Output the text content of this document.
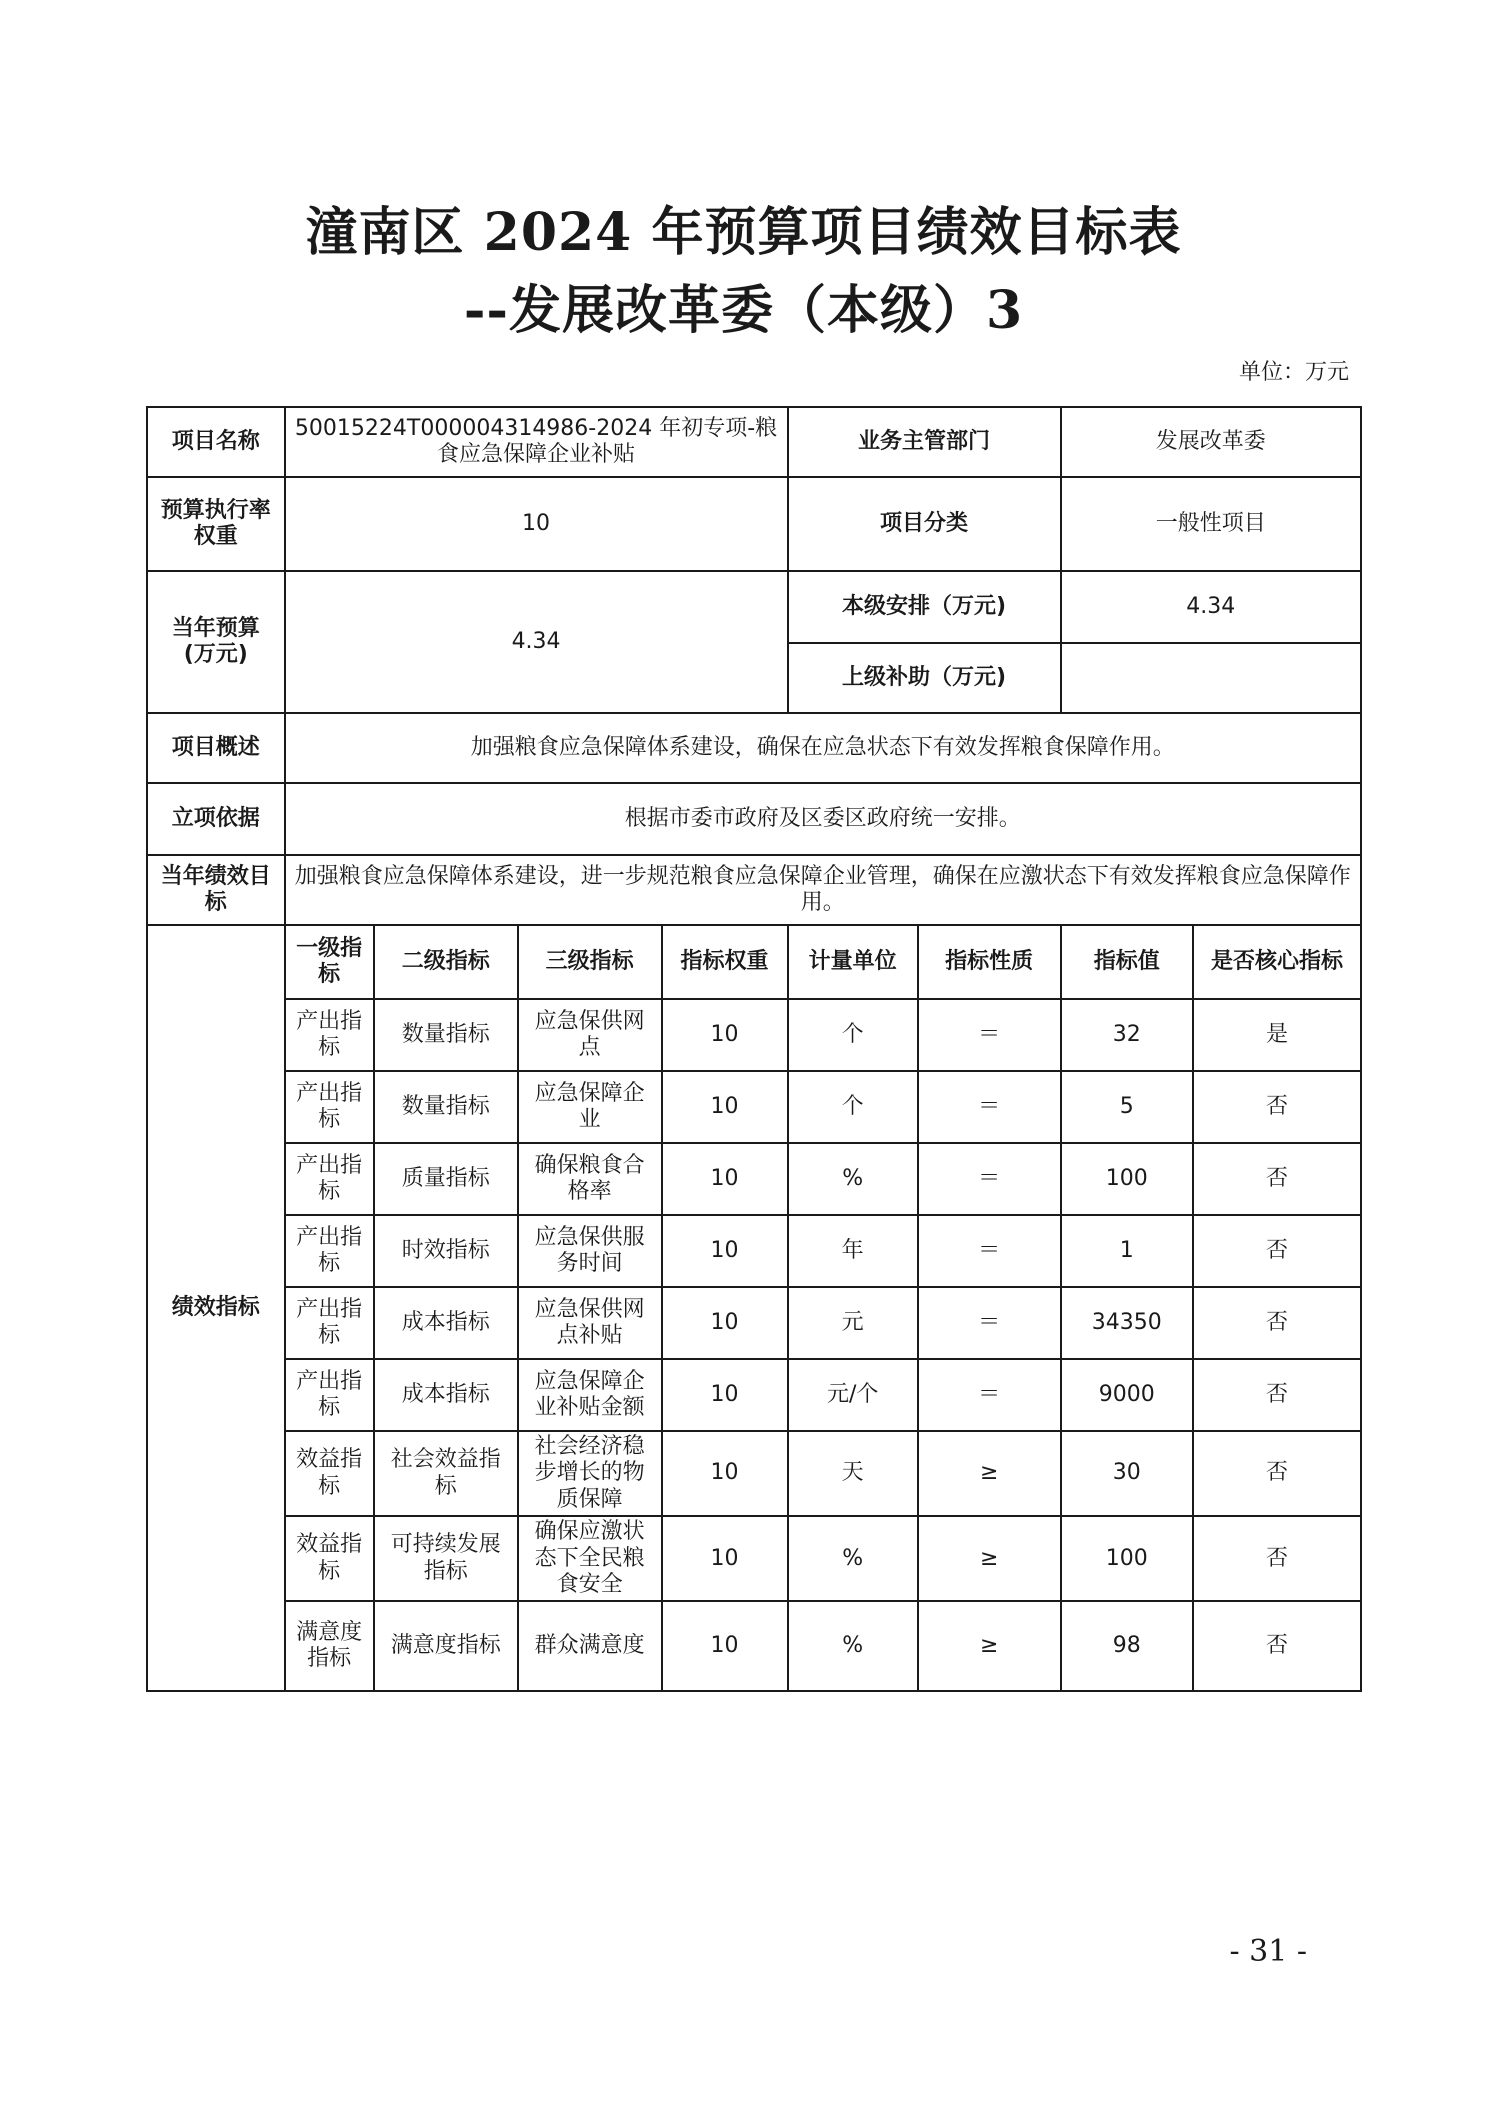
潼南区 2024 年预算项目绩效目标表
--发展改革委（本级）3
单位：万元
项目名称	50015224T000004314986-2024 年初专项-粮食应急保障企业补贴				业务主管部门		发展改革委	
预算执行率权重	10				项目分类		一般性项目	
当年预算(万元)	4.34				本级安排（万元)		4.34	
					上级补助（万元)			
项目概述	加强粮食应急保障体系建设，确保在应急状态下有效发挥粮食保障作用。							
立项依据	根据市委市政府及区委区政府统一安排。							
当年绩效目标	加强粮食应急保障体系建设，进一步规范粮食应急保障企业管理，确保在应激状态下有效发挥粮食应急保障作用。							
绩效指标	一级指标	二级指标	三级指标	指标权重	计量单位	指标性质	指标值	是否核心指标
	产出指标	数量指标	应急保供网点	10	个	＝	32	是
	产出指标	数量指标	应急保障企业	10	个	＝	5	否
	产出指标	质量指标	确保粮食合格率	10	%	＝	100	否
	产出指标	时效指标	应急保供服务时间	10	年	＝	1	否
	产出指标	成本指标	应急保供网点补贴	10	元	＝	34350	否
	产出指标	成本指标	应急保障企业补贴金额	10	元/个	＝	9000	否
	效益指标	社会效益指标	社会经济稳步增长的物质保障	10	天	≥	30	否
	效益指标	可持续发展指标	确保应激状态下全民粮食安全	10	%	≥	100	否
	满意度指标	满意度指标	群众满意度	10	%	≥	98	否
- 31 -
